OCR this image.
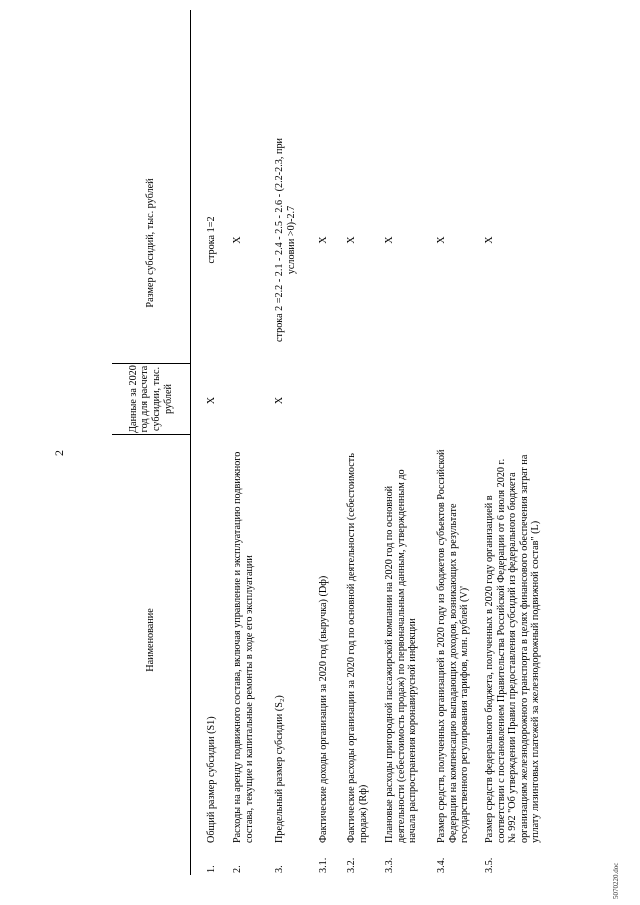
2
Наименование
Данные за 2020 год для расчета субсидии, тыс. рублей
Размер субсидий, тыс. рублей
1.
Общий размер субсидии (S1)
X
строка 1=2
2.
Расходы на аренду подвижного состава, включая управление и эксплуатацию подвижного состава, текущие и капитальные ремонты в ходе его эксплуатации
X
3.
Предельный размер субсидии (S₂)
X
строка 2 =2.2 - 2.1 - 2.4 - 2.5 - 2.6 - (2.2-2.3, при условии >0)-2.7
3.1.
Фактические доходы организации за 2020 год (выручка) (Dф)
X
3.2.
Фактические расходы организации за 2020 год по основной деятельности (себестоимость продаж) (Rф)
X
3.3.
Плановые расходы пригородной пассажирской компании на 2020 год по основной деятельности (себестоимость продаж) по первоначальным данным, утвержденным до начала распространения коронавирусной инфекции
X
3.4.
Размер средств, полученных организацией в 2020 году из бюджетов субъектов Российской Федерации на компенсацию выпадающих доходов, возникающих в результате государственного регулирования тарифов, млн. рублей (V)'
X
3.5.
Размер средств федерального бюджета, полученных в 2020 году организацией в соответствии с постановлением Правительства Российской Федерации от 6 июля 2020 г. № 992 "Об утверждении Правил предоставления субсидий из федерального бюджета организациям железнодорожного транспорта в целях финансового обеспечения затрат на уплату лизинговых платежей за железнодорожный подвижной состав" (L)
X
5070220.doc
